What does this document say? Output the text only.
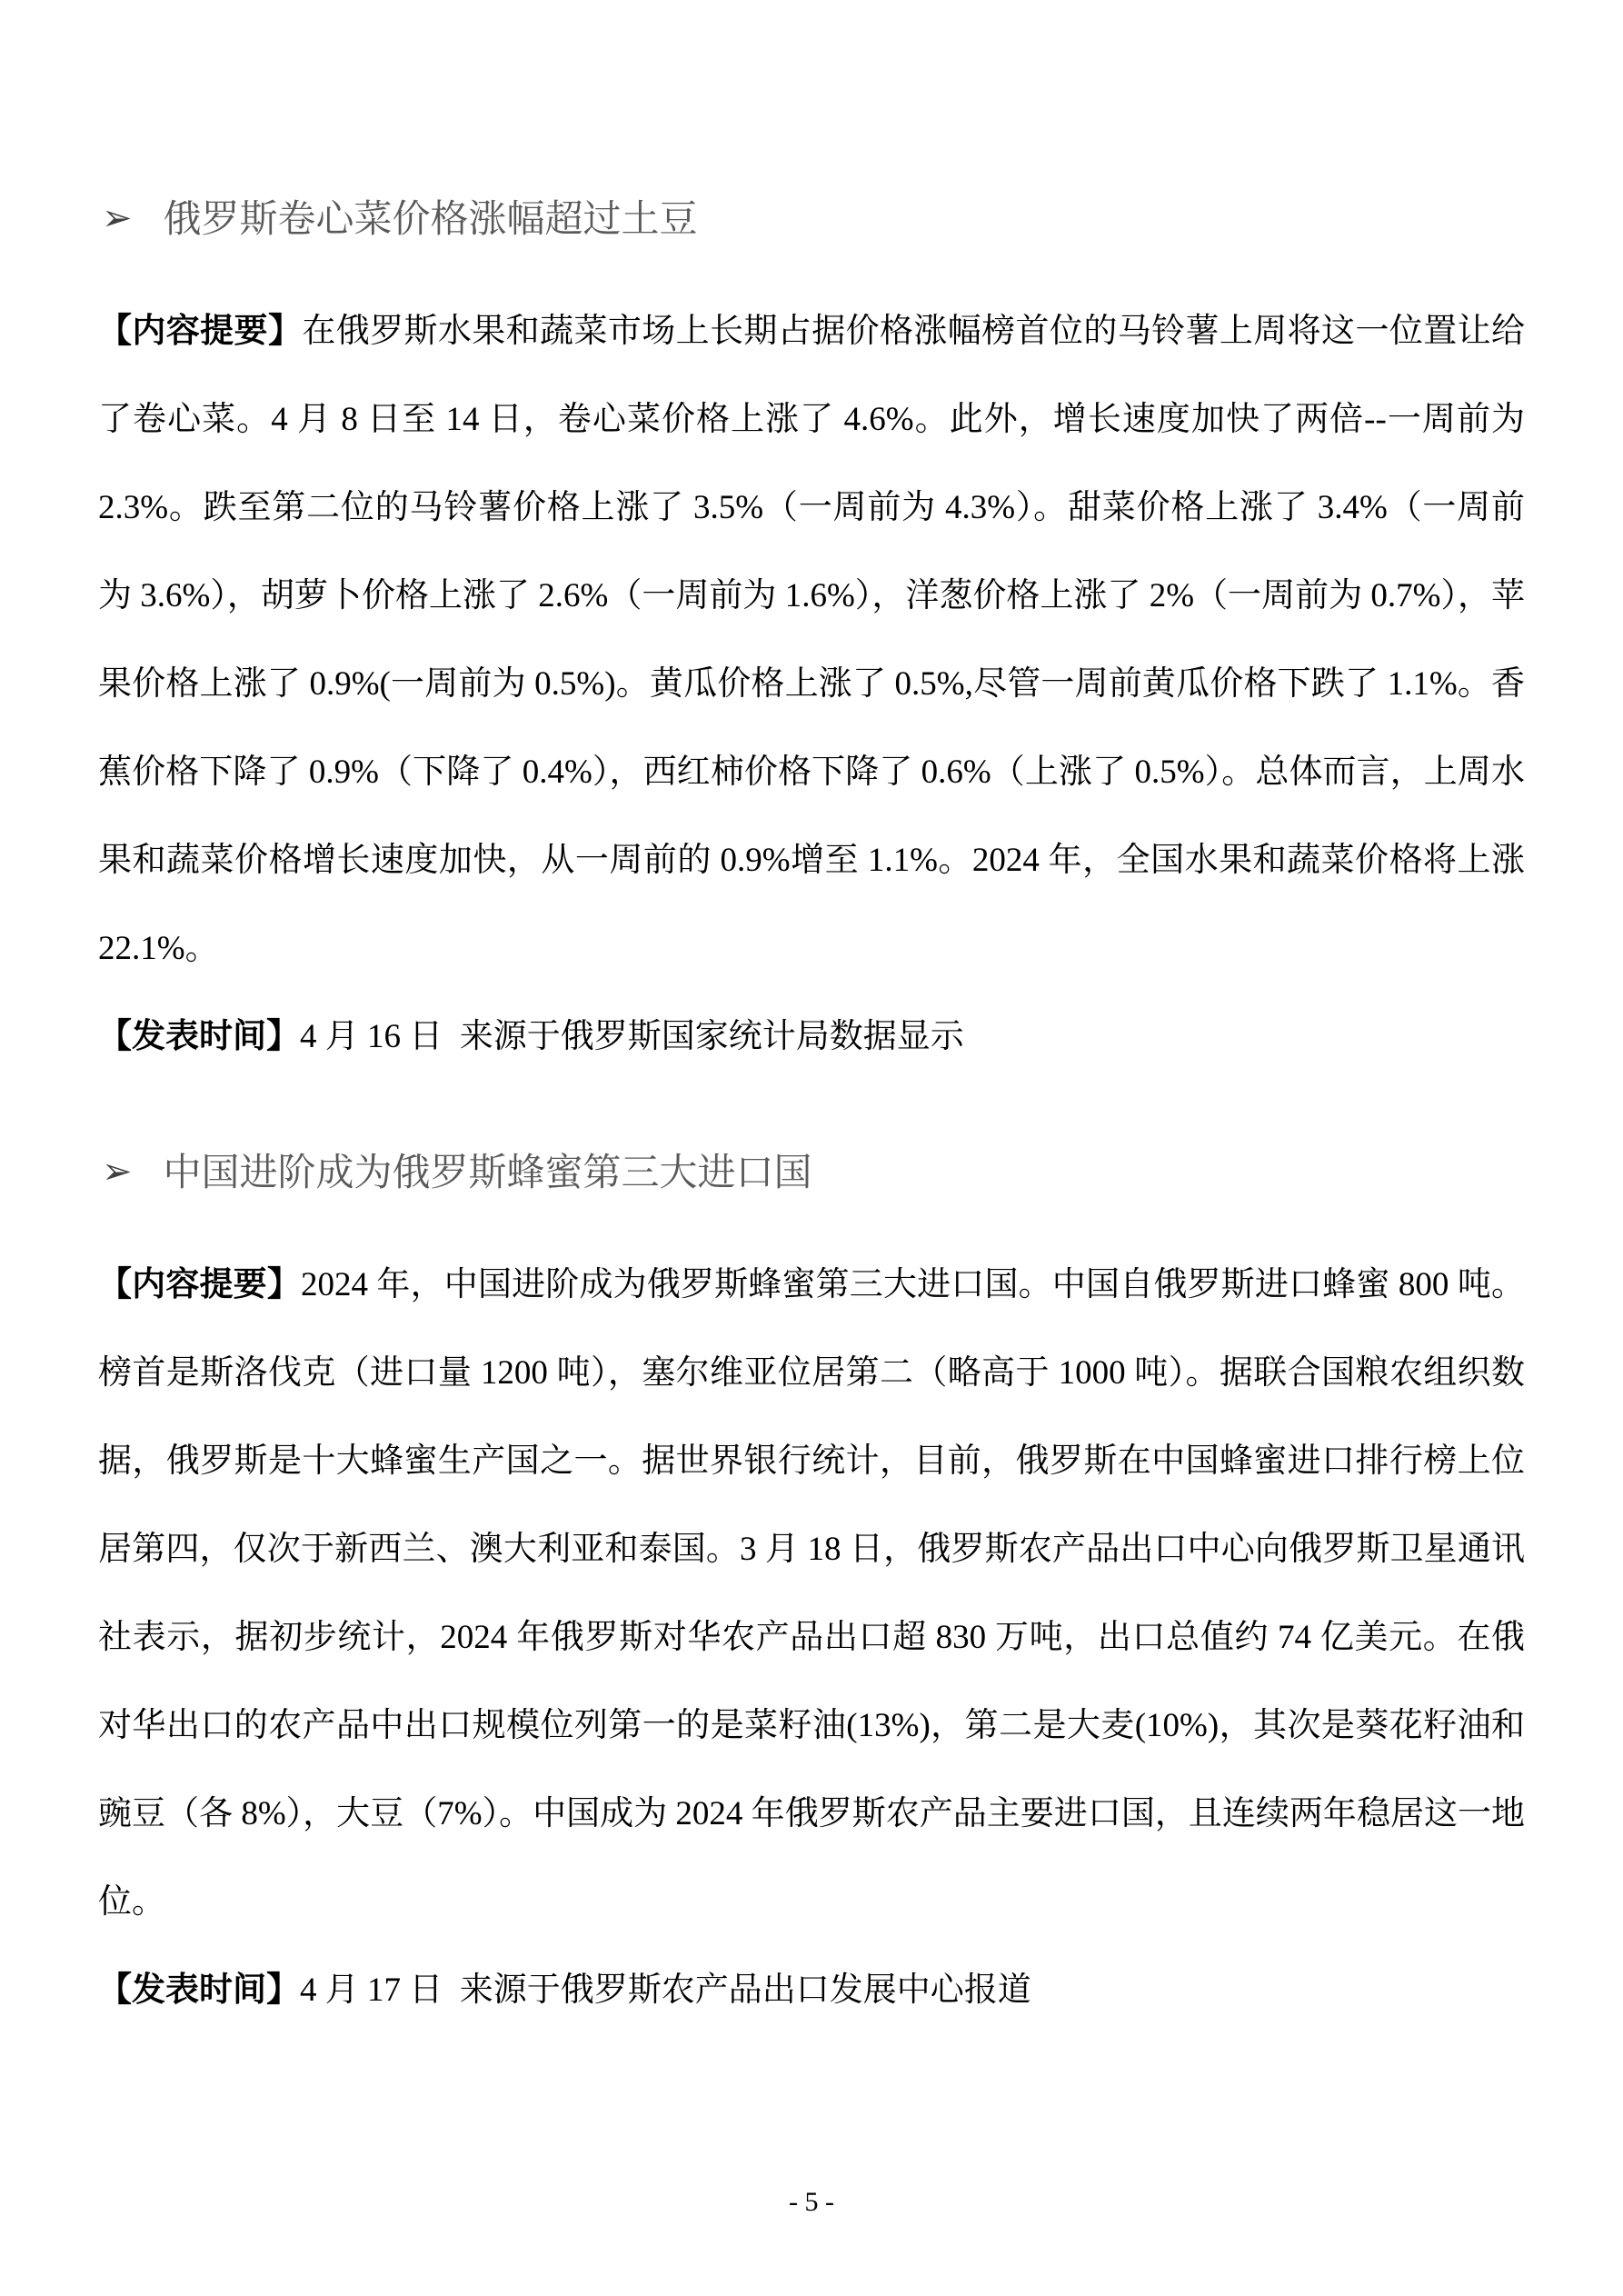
➢ 俄罗斯卷心菜价格涨幅超过土豆

【内容提要】在俄罗斯水果和蔬菜市场上长期占据价格涨幅榜首位的马铃薯上周将这一位置让给了卷心菜。4 月 8 日至 14 日，卷心菜价格上涨了 4.6%。此外，增长速度加快了两倍--一周前为 2.3%。跌至第二位的马铃薯价格上涨了 3.5%（一周前为 4.3%）。甜菜价格上涨了 3.4%（一周前为 3.6%），胡萝卜价格上涨了 2.6%（一周前为 1.6%），洋葱价格上涨了 2%（一周前为 0.7%），苹果价格上涨了 0.9%(一周前为 0.5%)。黄瓜价格上涨了 0.5%,尽管一周前黄瓜价格下跌了 1.1%。香蕉价格下降了 0.9%（下降了 0.4%），西红柿价格下降了 0.6%（上涨了 0.5%）。总体而言，上周水果和蔬菜价格增长速度加快，从一周前的 0.9%增至 1.1%。2024 年，全国水果和蔬菜价格将上涨 22.1%。

【发表时间】4 月 16 日  来源于俄罗斯国家统计局数据显示

➢ 中国进阶成为俄罗斯蜂蜜第三大进口国

【内容提要】2024 年，中国进阶成为俄罗斯蜂蜜第三大进口国。中国自俄罗斯进口蜂蜜 800 吨。榜首是斯洛伐克（进口量 1200 吨），塞尔维亚位居第二（略高于 1000 吨）。据联合国粮农组织数据，俄罗斯是十大蜂蜜生产国之一。据世界银行统计，目前，俄罗斯在中国蜂蜜进口排行榜上位居第四，仅次于新西兰、澳大利亚和泰国。3 月 18 日，俄罗斯农产品出口中心向俄罗斯卫星通讯社表示，据初步统计，2024 年俄罗斯对华农产品出口超 830 万吨，出口总值约 74 亿美元。在俄对华出口的农产品中出口规模位列第一的是菜籽油(13%)，第二是大麦(10%)，其次是葵花籽油和豌豆（各 8%），大豆（7%）。中国成为 2024 年俄罗斯农产品主要进口国，且连续两年稳居这一地位。

【发表时间】4 月 17 日  来源于俄罗斯农产品出口发展中心报道

- 5 -
